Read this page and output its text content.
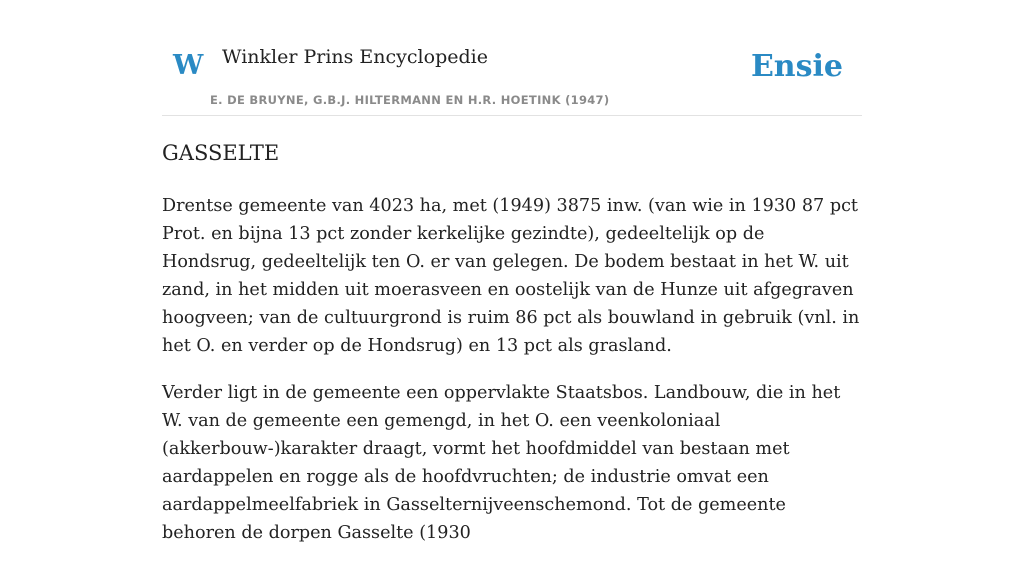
W Winkler Prins Encyclopedie	Ensie
E. DE BRUYNE, G.B.J. HILTERMANN EN H.R. HOETINK (1947)
GASSELTE

Drentse gemeente van 4023 ha, met (1949) 3875 inw. (van wie in 1930 87 pct Prot. en bijna 13 pct zonder kerkelijke gezindte), gedeeltelijk op de Hondsrug, gedeeltelijk ten O. er van gelegen. De bodem bestaat in het W. uit zand, in het midden uit moerasveen en oostelijk van de Hunze uit afgegraven hoogveen; van de cultuurgrond is ruim 86 pct als bouwland in gebruik (vnl. in het O. en verder op de Hondsrug) en 13 pct als grasland.

Verder ligt in de gemeente een oppervlakte Staatsbos. Landbouw, die in het W. van de gemeente een gemengd, in het O. een veenkoloniaal (akkerbouw-)karakter draagt, vormt het hoofdmiddel van bestaan met aardappelen en rogge als de hoofdvruchten; de industrie omvat een aardappelmeelfabriek in Gasselternijveenschemond. Tot de gemeente behoren de dorpen Gasselte (1930
